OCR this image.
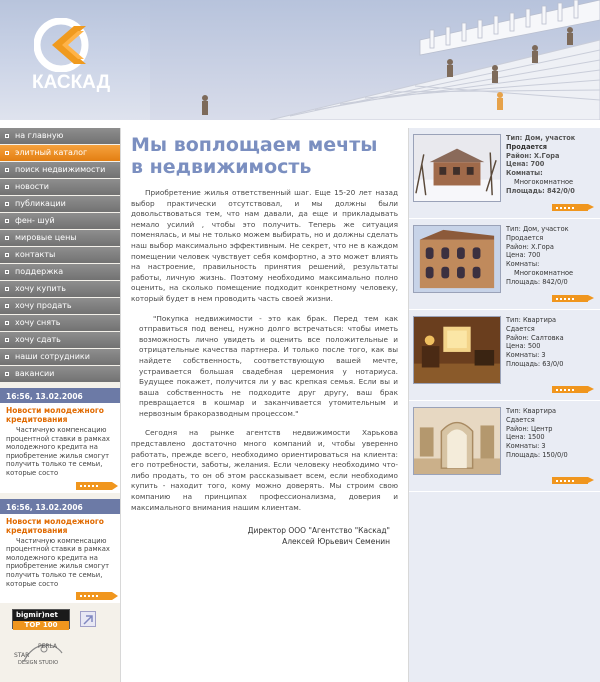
КАСКАД
на главную
элитный каталог
поиск недвижимости
новости
публикации
фен- шуй
мировые цены
контакты
поддержка
хочу купить
хочу продать
хочу снять
хочу сдать
наши сотрудники
вакансии
16:56, 13.02.2006
Новости молодежного кредитования
Частичную компенсацию процентной ставки в рамках молодежного кредита на приобретение жилья смогут получить только те семьи, которые состо
16:56, 13.02.2006
Новости молодежного кредитования
Частичную компенсацию процентной ставки в рамках молодежного кредита на приобретение жилья смогут получить только те семьи, которые состо
bigmir)net
TOP 100
PERLA
STAR
DESIGN STUDIO
Мы воплощаем мечты
в недвижимость

Приобретение жилья ответственный шаг. Еще 15-20 лет назад выбор практически отсутствовал, и мы должны были довольствоваться тем, что нам давали, да еще и прикладывать немало усилий , чтобы это получить. Теперь же ситуация поменялась, и мы не только можем выбирать, но и должны сделать наш выбор максимально эффективным. Не секрет, что не в каждом помещении человек чувствует себя комфортно, а это может влиять на настроение, правильность принятия решений, результаты работы, личную жизнь. Поэтому необходимо максимально полно оценить, на сколько помещение подходит конкретному человеку, который будет в нем проводить часть своей жизни.

"Покупка недвижимости - это как брак. Перед тем как отправиться под венец, нужно долго встречаться: чтобы иметь возможность лично увидеть и оценить все положительные и отрицательные качества партнера. И только после того, как вы найдете собственность, соответствующую вашей мечте, устраивается большая свадебная церемония у нотариуса. Будущее покажет, получится ли у вас крепкая семья. Если вы и ваша собственность не подходите друг другу, ваш брак превращается в кошмар и заканчивается утомительным и нервозным бракоразводным процессом."

Сегодня на рынке агентств недвижимости Харькова представлено достаточно много компаний и, чтобы уверенно работать, прежде всего, необходимо ориентироваться на клиента: его потребности, заботы, желания. Если человеку необходимо что-либо продать, то он об этом рассказывает всем, если необходимо купить - находит того, кому можно доверять. Мы строим свою компанию на принципах профессионализма, доверия и максимального внимания нашим клиентам.

Директор ООО "Агентство "Каскад"
Алексей Юрьевич Семенин
Тип: Дом, участок
Продается
Район: Х.Гора
Цена: 700
Комнаты:
Многокомнатное
Площадь: 842/0/0
Тип: Дом, участок
Продается
Район: Х.Гора
Цена: 700
Комнаты:
Многокомнатное
Площадь: 842/0/0
Тип: Квартира
Сдается
Район: Салтовка
Цена: 500
Комнаты: 3
Площадь: 63/0/0
Тип: Квартира
Сдается
Район: Центр
Цена: 1500
Комнаты: 3
Площадь: 150/0/0
